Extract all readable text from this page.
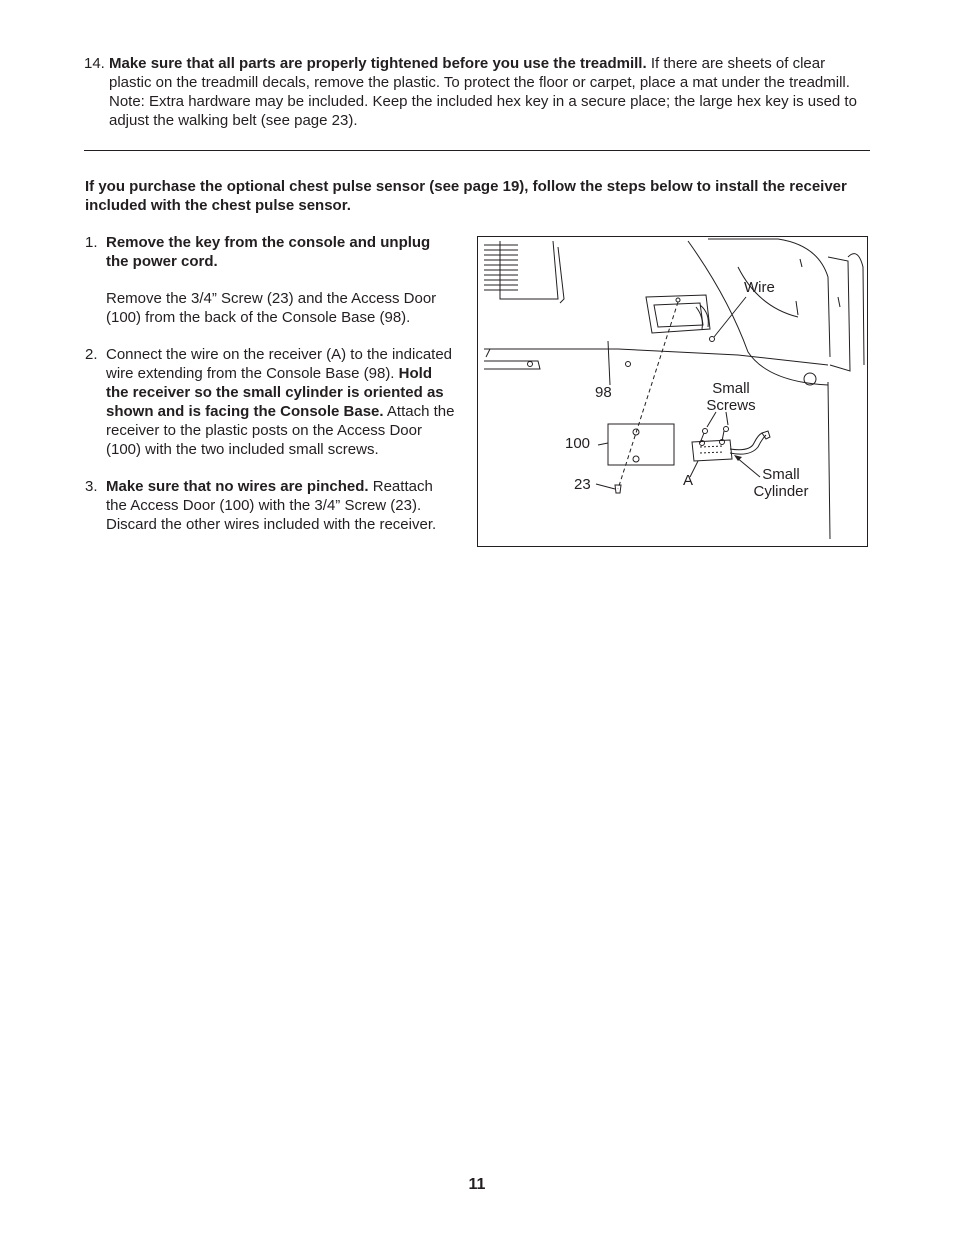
14. Make sure that all parts are properly tightened before you use the treadmill. If there are sheets of clear plastic on the treadmill decals, remove the plastic. To protect the floor or carpet, place a mat under the treadmill. Note: Extra hardware may be included. Keep the included hex key in a secure place; the large hex key is used to adjust the walking belt (see page 23).
If you purchase the optional chest pulse sensor (see page 19), follow the steps below to install the receiver included with the chest pulse sensor.
1. Remove the key from the console and unplug the power cord.

Remove the 3/4” Screw (23) and the Access Door (100) from the back of the Console Base (98).

2. Connect the wire on the receiver (A) to the indicated wire extending from the Console Base (98). Hold the receiver so the small cylinder is oriented as shown and is facing the Console Base. Attach the receiver to the plastic posts on the Access Door (100) with the two included small screws.

3. Make sure that no wires are pinched. Reattach the Access Door (100) with the 3/4” Screw (23). Discard the other wires included with the receiver.

Wire
98	Small Screws
100
23	A	Small Cylinder
11
